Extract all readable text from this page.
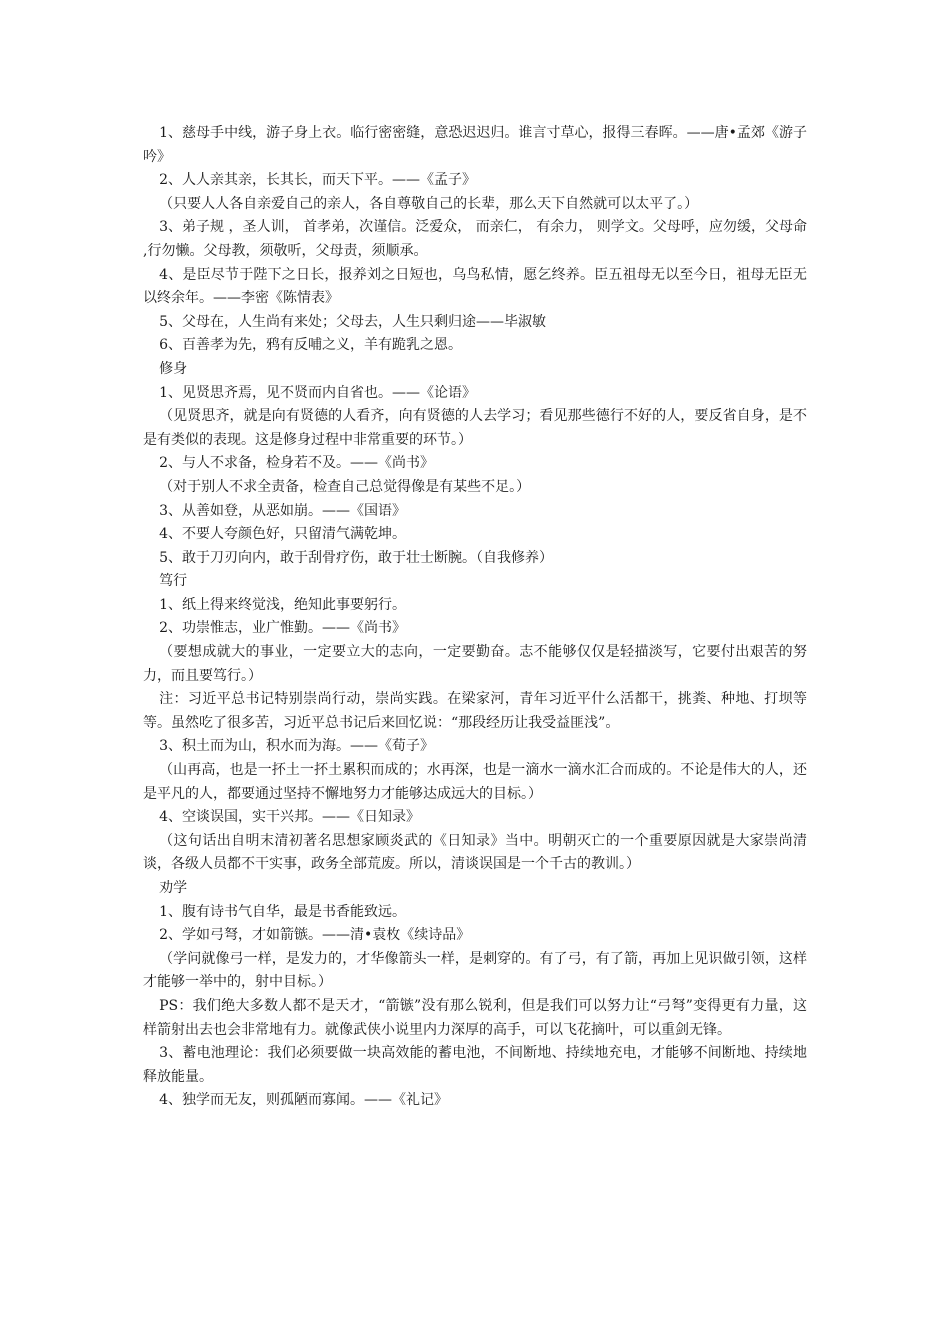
1、慈母手中线，游子身上衣。临行密密缝，意恐迟迟归。谁言寸草心，报得三春晖。——唐•孟郊《游子吟》

2、人人亲其亲，长其长，而天下平。——《孟子》

（只要人人各自亲爱自己的亲人，各自尊敬自己的长辈，那么天下自然就可以太平了。）

3、弟子规 ，圣人训， 首孝弟，次谨信。泛爱众， 而亲仁， 有余力， 则学文。父母呼，应勿缓，父母命 ,行勿懒。父母教，须敬听，父母责，须顺承。

4、是臣尽节于陛下之日长，报养刘之日短也，乌鸟私情，愿乞终养。臣五祖母无以至今日，祖母无臣无以终余年。——李密《陈情表》

5、父母在，人生尚有来处；父母去，人生只剩归途——毕淑敏

6、百善孝为先，鸦有反哺之义，羊有跪乳之恩。

修身

1、见贤思齐焉，见不贤而内自省也。——《论语》

（见贤思齐，就是向有贤德的人看齐，向有贤德的人去学习；看见那些德行不好的人，要反省自身，是不是有类似的表现。这是修身过程中非常重要的环节。）

2、与人不求备，检身若不及。——《尚书》

（对于别人不求全责备，检查自己总觉得像是有某些不足。）

3、从善如登，从恶如崩。——《国语》

4、不要人夸颜色好，只留清气满乾坤。

5、敢于刀刃向内，敢于刮骨疗伤，敢于壮士断腕。（自我修养）

笃行

1、纸上得来终觉浅，绝知此事要躬行。

2、功崇惟志，业广惟勤。——《尚书》

（要想成就大的事业，一定要立大的志向，一定要勤奋。志不能够仅仅是轻描淡写，它要付出艰苦的努力，而且要笃行。）

注：习近平总书记特别崇尚行动，崇尚实践。在梁家河，青年习近平什么活都干，挑粪、种地、打坝等等。虽然吃了很多苦，习近平总书记后来回忆说：“那段经历让我受益匪浅”。

3、积土而为山，积水而为海。——《荀子》

（山再高，也是一抔土一抔土累积而成的；水再深，也是一滴水一滴水汇合而成的。不论是伟大的人，还是平凡的人，都要通过坚持不懈地努力才能够达成远大的目标。）

4、空谈误国，实干兴邦。——《日知录》

（这句话出自明末清初著名思想家顾炎武的《日知录》当中。明朝灭亡的一个重要原因就是大家崇尚清谈，各级人员都不干实事，政务全部荒废。所以，清谈误国是一个千古的教训。）

劝学

1、腹有诗书气自华，最是书香能致远。

2、学如弓弩，才如箭镞。——清•袁枚《续诗品》

（学问就像弓一样，是发力的，才华像箭头一样，是刺穿的。有了弓，有了箭，再加上见识做引领，这样才能够一举中的，射中目标。）

PS：我们绝大多数人都不是天才，“箭镞”没有那么锐利，但是我们可以努力让“弓弩”变得更有力量，这样箭射出去也会非常地有力。就像武侠小说里内力深厚的高手，可以飞花摘叶，可以重剑无锋。

3、蓄电池理论：我们必须要做一块高效能的蓄电池，不间断地、持续地充电，才能够不间断地、持续地释放能量。

4、独学而无友，则孤陋而寡闻。——《礼记》
